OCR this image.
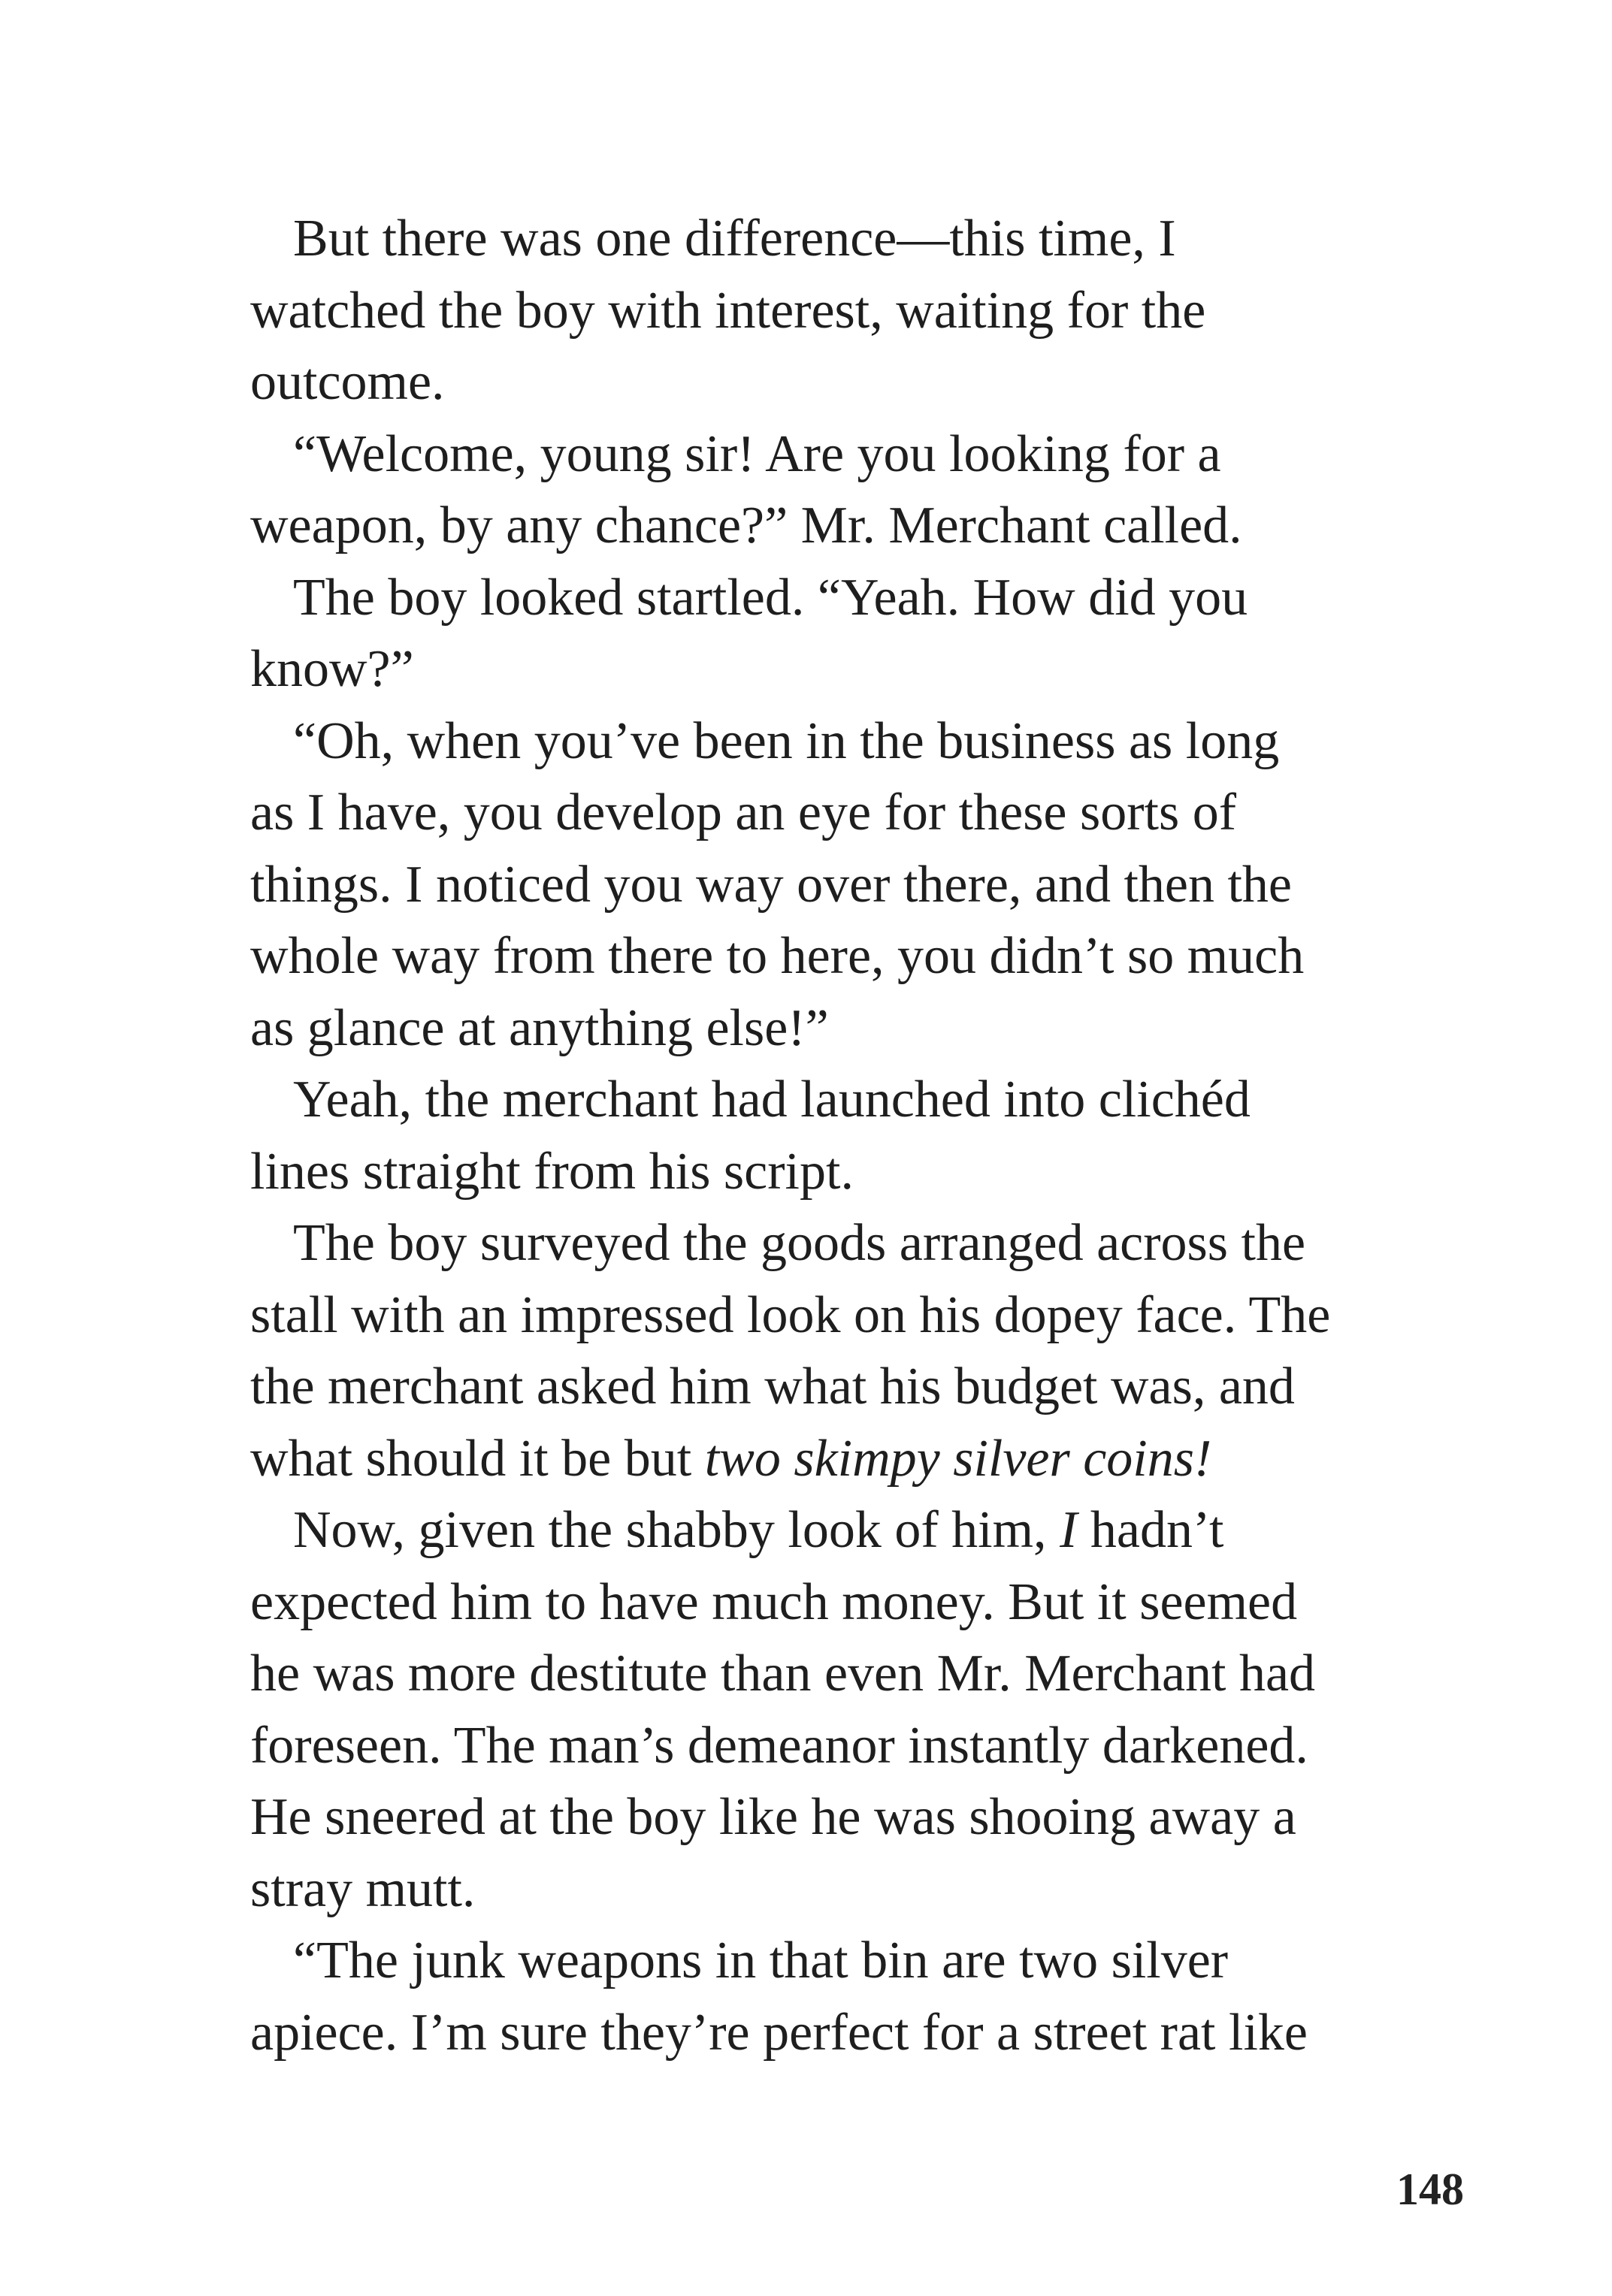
But there was one difference—this time, I
watched the boy with interest, waiting for the
outcome.
“Welcome, young sir! Are you looking for a
weapon, by any chance?” Mr. Merchant called.
The boy looked startled. “Yeah. How did you
know?”
“Oh, when you’ve been in the business as long
as I have, you develop an eye for these sorts of
things. I noticed you way over there, and then the
whole way from there to here, you didn’t so much
as glance at anything else!”
Yeah, the merchant had launched into clichéd
lines straight from his script.
The boy surveyed the goods arranged across the
stall with an impressed look on his dopey face. The
the merchant asked him what his budget was, and
what should it be but two skimpy silver coins!
Now, given the shabby look of him, I hadn’t
expected him to have much money. But it seemed
he was more destitute than even Mr. Merchant had
foreseen. The man’s demeanor instantly darkened.
He sneered at the boy like he was shooing away a
stray mutt.
“The junk weapons in that bin are two silver
apiece. I’m sure they’re perfect for a street rat like
148
